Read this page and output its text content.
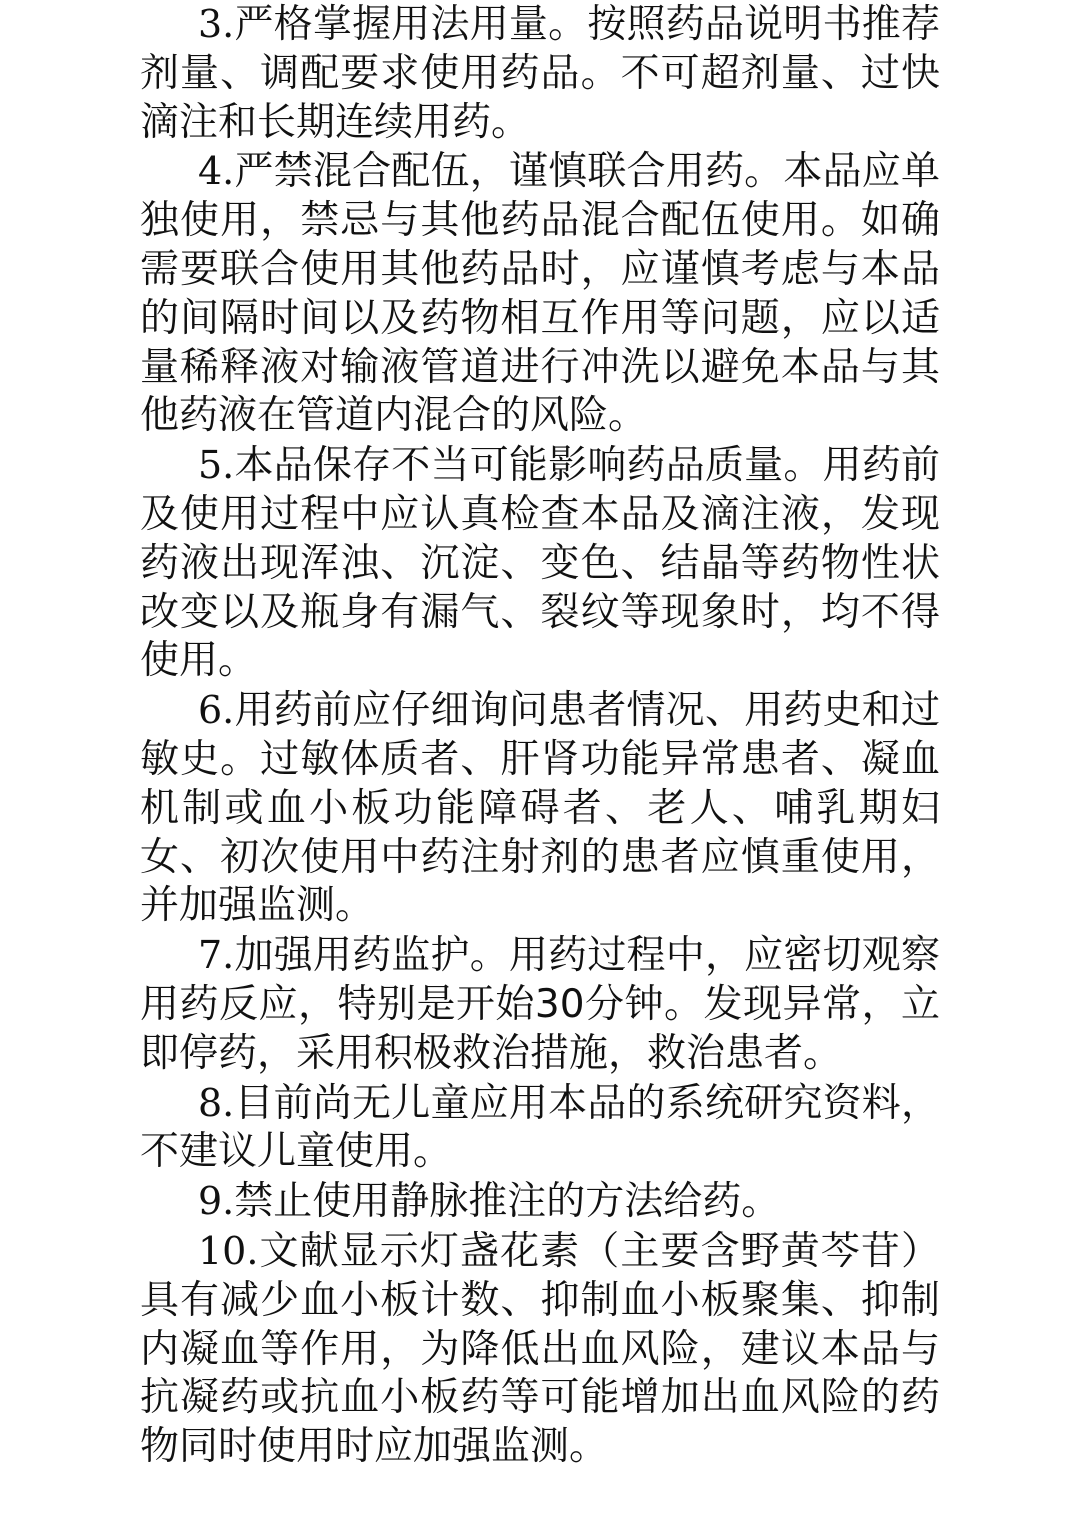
3.严格掌握用法用量。按照药品说明书推荐剂量、调配要求使用药品。不可超剂量、过快滴注和长期连续用药。

4.严禁混合配伍，谨慎联合用药。本品应单独使用，禁忌与其他药品混合配伍使用。如确需要联合使用其他药品时，应谨慎考虑与本品的间隔时间以及药物相互作用等问题，应以适量稀释液对输液管道进行冲洗以避免本品与其他药液在管道内混合的风险。

5.本品保存不当可能影响药品质量。用药前及使用过程中应认真检查本品及滴注液，发现药液出现浑浊、沉淀、变色、结晶等药物性状改变以及瓶身有漏气、裂纹等现象时，均不得使用。

6.用药前应仔细询问患者情况、用药史和过敏史。过敏体质者、肝肾功能异常患者、凝血机制或血小板功能障碍者、老人、哺乳期妇女、初次使用中药注射剂的患者应慎重使用，并加强监测。

7.加强用药监护。用药过程中，应密切观察用药反应，特别是开始30分钟。发现异常，立即停药，采用积极救治措施，救治患者。

8.目前尚无儿童应用本品的系统研究资料，不建议儿童使用。

9.禁止使用静脉推注的方法给药。

10.文献显示灯盏花素（主要含野黄芩苷）具有减少血小板计数、抑制血小板聚集、抑制内凝血等作用，为降低出血风险，建议本品与抗凝药或抗血小板药等可能增加出血风险的药物同时使用时应加强监测。
